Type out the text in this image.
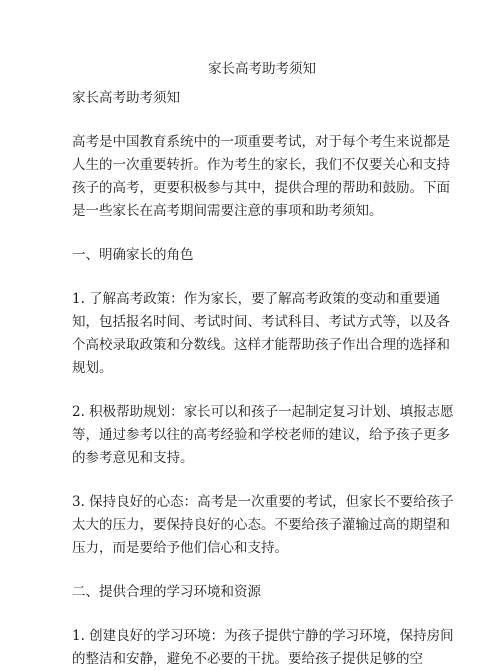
家长高考助考须知
家长高考助考须知

高考是中国教育系统中的一项重要考试，对于每个考生来说都是人生的一次重要转折。作为考生的家长，我们不仅要关心和支持孩子的高考，更要积极参与其中，提供合理的帮助和鼓励。下面是一些家长在高考期间需要注意的事项和助考须知。

一、明确家长的角色

1. 了解高考政策：作为家长，要了解高考政策的变动和重要通知，包括报名时间、考试时间、考试科目、考试方式等，以及各个高校录取政策和分数线。这样才能帮助孩子作出合理的选择和规划。

2. 积极帮助规划：家长可以和孩子一起制定复习计划、填报志愿等，通过参考以往的高考经验和学校老师的建议，给予孩子更多的参考意见和支持。

3. 保持良好的心态：高考是一次重要的考试，但家长不要给孩子太大的压力，要保持良好的心态。不要给孩子灌输过高的期望和压力，而是要给予他们信心和支持。

二、提供合理的学习环境和资源

1. 创建良好的学习环境：为孩子提供宁静的学习环境，保持房间的整洁和安静，避免不必要的干扰。要给孩子提供足够的空
